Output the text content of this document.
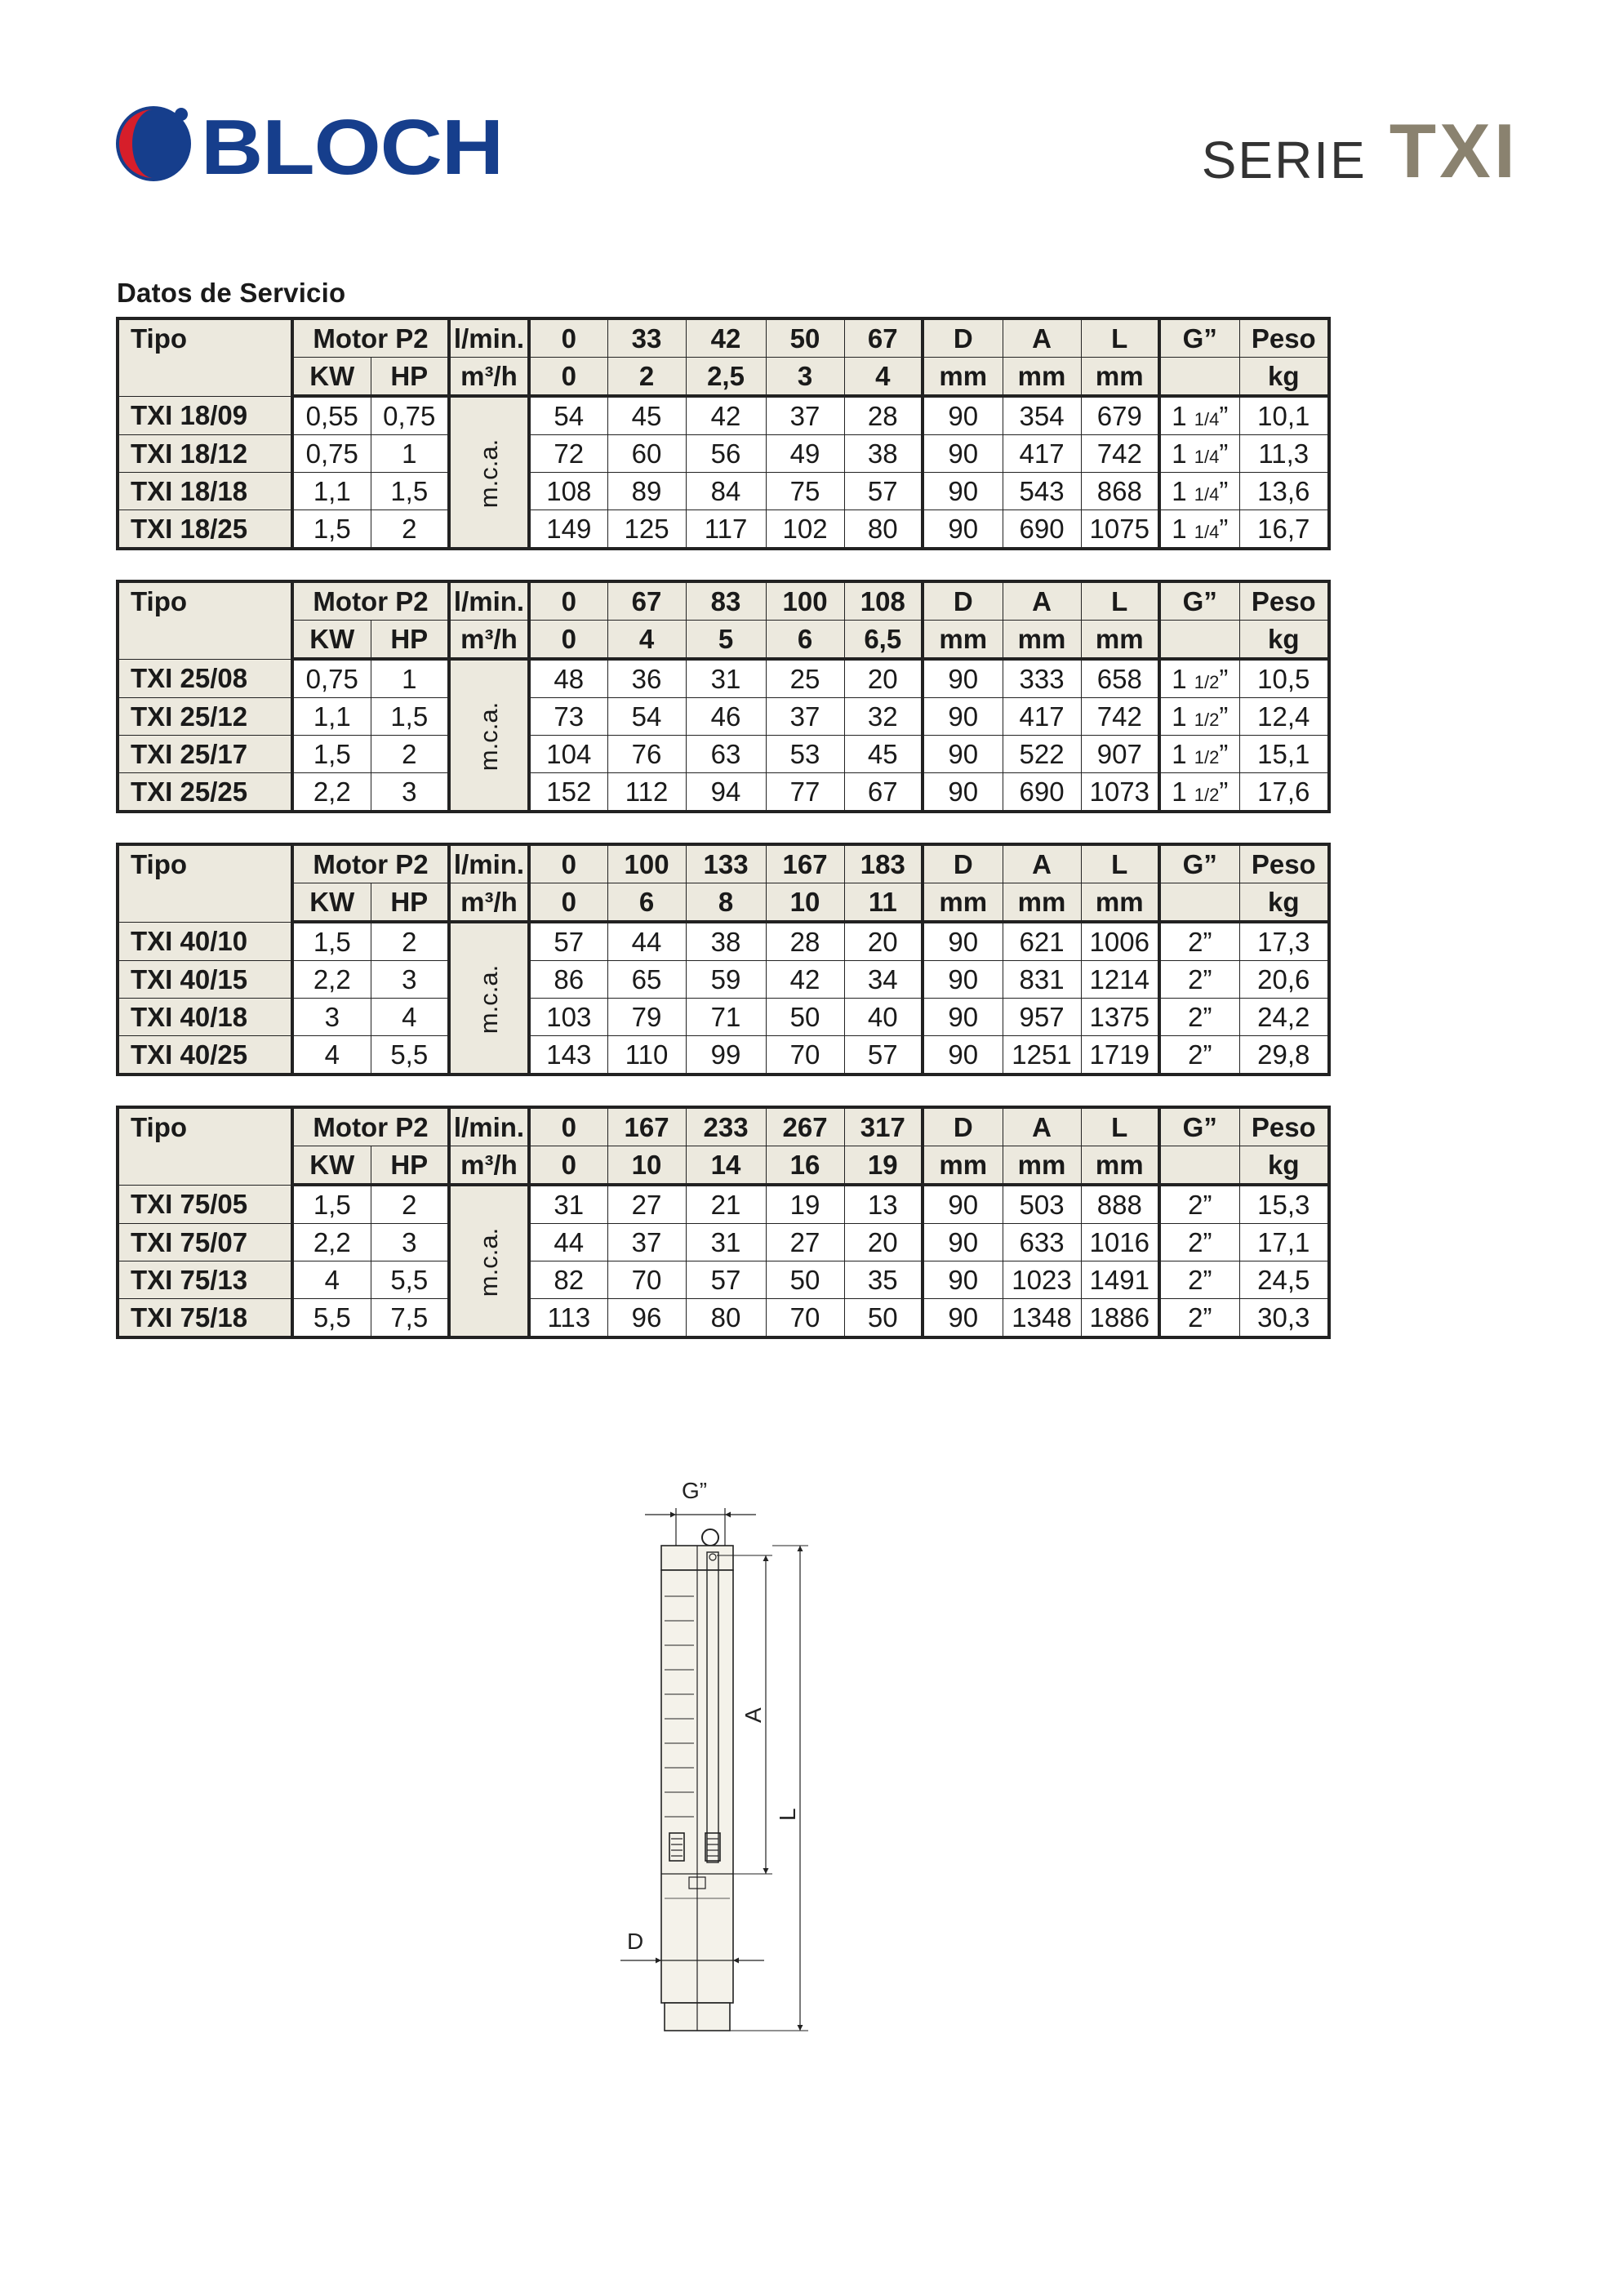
BLOCH	SERIE TXI
Datos de Servicio
Tipo	Motor P2		l/min.	0	33	42	50	67	D	A	L	G”	Peso
	KW	HP	m³/h	0	2	2,5	3	4	mm	mm	mm		kg
TXI 18/09	0,55	0,75	m.c.a.	54	45	42	37	28	90	354	679	1 1/4”	10,1
TXI 18/12	0,75	1		72	60	56	49	38	90	417	742	1 1/4”	11,3
TXI 18/18	1,1	1,5		108	89	84	75	57	90	543	868	1 1/4”	13,6
TXI 18/25	1,5	2		149	125	117	102	80	90	690	1075	1 1/4”	16,7
Tipo	Motor P2		l/min.	0	67	83	100	108	D	A	L	G”	Peso
	KW	HP	m³/h	0	4	5	6	6,5	mm	mm	mm		kg
TXI 25/08	0,75	1	m.c.a.	48	36	31	25	20	90	333	658	1 1/2”	10,5
TXI 25/12	1,1	1,5		73	54	46	37	32	90	417	742	1 1/2”	12,4
TXI 25/17	1,5	2		104	76	63	53	45	90	522	907	1 1/2”	15,1
TXI 25/25	2,2	3		152	112	94	77	67	90	690	1073	1 1/2”	17,6
Tipo	Motor P2		l/min.	0	100	133	167	183	D	A	L	G”	Peso
	KW	HP	m³/h	0	6	8	10	11	mm	mm	mm		kg
TXI 40/10	1,5	2	m.c.a.	57	44	38	28	20	90	621	1006	2”	17,3
TXI 40/15	2,2	3		86	65	59	42	34	90	831	1214	2”	20,6
TXI 40/18	3	4		103	79	71	50	40	90	957	1375	2”	24,2
TXI 40/25	4	5,5		143	110	99	70	57	90	1251	1719	2”	29,8
Tipo	Motor P2		l/min.	0	167	233	267	317	D	A	L	G”	Peso
	KW	HP	m³/h	0	10	14	16	19	mm	mm	mm		kg
TXI 75/05	1,5	2	m.c.a.	31	27	21	19	13	90	503	888	2”	15,3
TXI 75/07	2,2	3		44	37	31	27	20	90	633	1016	2”	17,1
TXI 75/13	4	5,5		82	70	57	50	35	90	1023	1491	2”	24,5
TXI 75/18	5,5	7,5		113	96	80	70	50	90	1348	1886	2”	30,3
G”
A
L
D
